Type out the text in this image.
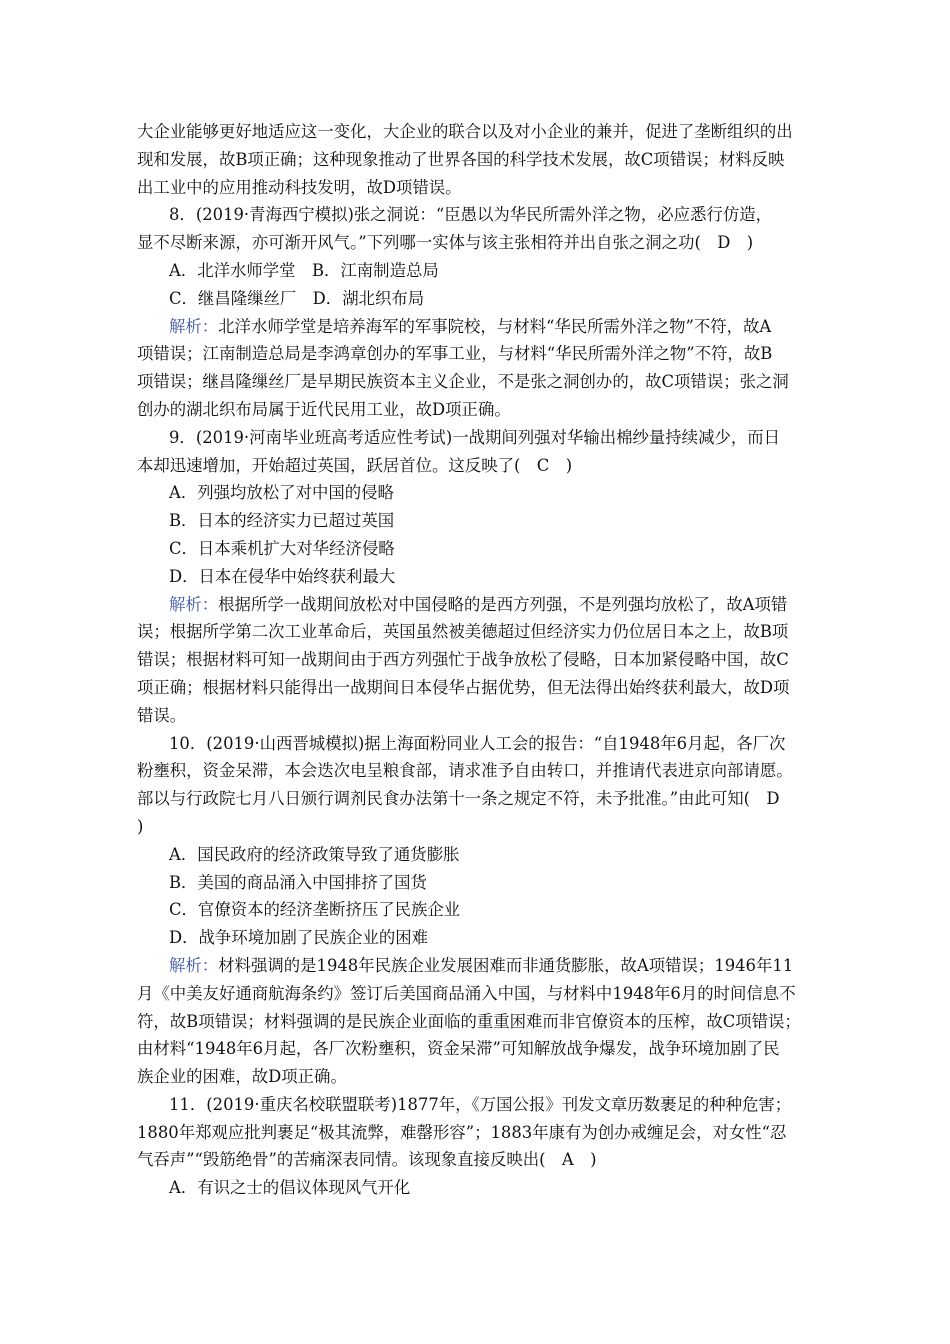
大企业能够更好地适应这一变化，大企业的联合以及对小企业的兼并，促进了垄断组织的出
现和发展，故B项正确；这种现象推动了世界各国的科学技术发展，故C项错误；材料反映
出工业中的应用推动科技发明，故D项错误。
8．(2019·青海西宁模拟)张之洞说：“臣愚以为华民所需外洋之物，必应悉行仿造，
显不尽断来源，亦可渐开风气。”下列哪一实体与该主张相符并出自张之洞之功(　D　)
A．北洋水师学堂　B．江南制造总局
C．继昌隆缫丝厂　D．湖北织布局
解析：北洋水师学堂是培养海军的军事院校，与材料“华民所需外洋之物”不符，故A
项错误；江南制造总局是李鸿章创办的军事工业，与材料“华民所需外洋之物”不符，故B
项错误；继昌隆缫丝厂是早期民族资本主义企业，不是张之洞创办的，故C项错误；张之洞
创办的湖北织布局属于近代民用工业，故D项正确。
9．(2019·河南毕业班高考适应性考试)一战期间列强对华输出棉纱量持续减少，而日
本却迅速增加，开始超过英国，跃居首位。这反映了(　C　)
A．列强均放松了对中国的侵略
B．日本的经济实力已超过英国
C．日本乘机扩大对华经济侵略
D．日本在侵华中始终获利最大
解析：根据所学一战期间放松对中国侵略的是西方列强，不是列强均放松了，故A项错
误；根据所学第二次工业革命后，英国虽然被美德超过但经济实力仍位居日本之上，故B项
错误；根据材料可知一战期间由于西方列强忙于战争放松了侵略，日本加紧侵略中国，故C
项正确；根据材料只能得出一战期间日本侵华占据优势，但无法得出始终获利最大，故D项
错误。
10．(2019·山西晋城模拟)据上海面粉同业人工会的报告：“自1948年6月起，各厂次
粉壅积，资金呆滞，本会迭次电呈粮食部，请求准予自由转口，并推请代表进京向部请愿。
部以与行政院七月八日颁行调剂民食办法第十一条之规定不符，未予批准。”由此可知(　D
)
A．国民政府的经济政策导致了通货膨胀
B．美国的商品涌入中国排挤了国货
C．官僚资本的经济垄断挤压了民族企业
D．战争环境加剧了民族企业的困难
解析：材料强调的是1948年民族企业发展困难而非通货膨胀，故A项错误；1946年11
月《中美友好通商航海条约》签订后美国商品涌入中国，与材料中1948年6月的时间信息不
符，故B项错误；材料强调的是民族企业面临的重重困难而非官僚资本的压榨，故C项错误；
由材料“1948年6月起，各厂次粉壅积，资金呆滞”可知解放战争爆发，战争环境加剧了民
族企业的困难，故D项正确。
11．(2019·重庆名校联盟联考)1877年，《万国公报》刊发文章历数裹足的种种危害；
1880年郑观应批判裹足“极其流弊，难罄形容”；1883年康有为创办戒缠足会，对女性“忍
气吞声”“毁筋绝骨”的苦痛深表同情。该现象直接反映出(　A　)
A．有识之士的倡议体现风气开化
